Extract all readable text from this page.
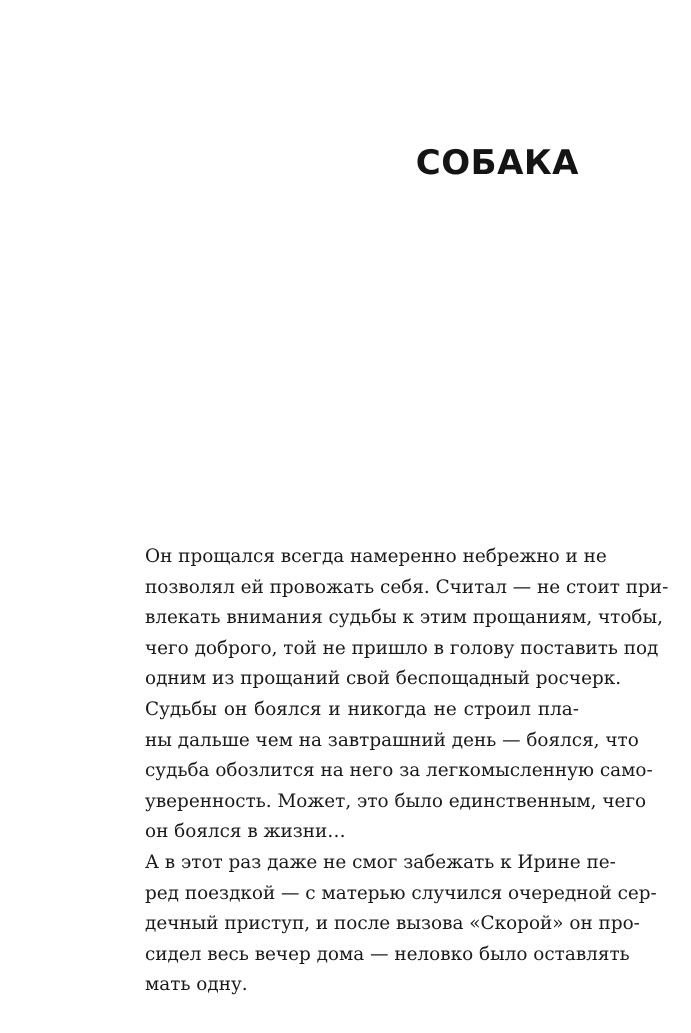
СОБАКА

Он прощался всегда намеренно небрежно и не
позволял ей провожать себя. Считал — не стоит при-
влекать внимания судьбы к этим прощаниям, чтобы,
чего доброго, той не пришло в голову поставить под
одним из прощаний свой беспощадный росчерк.

Судьбы он боялся и никогда не строил пла-
ны дальше чем на завтрашний день — боялся, что
судьба обозлится на него за легкомысленную само-
уверенность. Может, это было единственным, чего
он боялся в жизни…

А в этот раз даже не смог забежать к Ирине пе-
ред поездкой — с матерью случился очередной сер-
дечный приступ, и после вызова «Скорой» он про-
сидел весь вечер дома — неловко было оставлять
мать одну.
